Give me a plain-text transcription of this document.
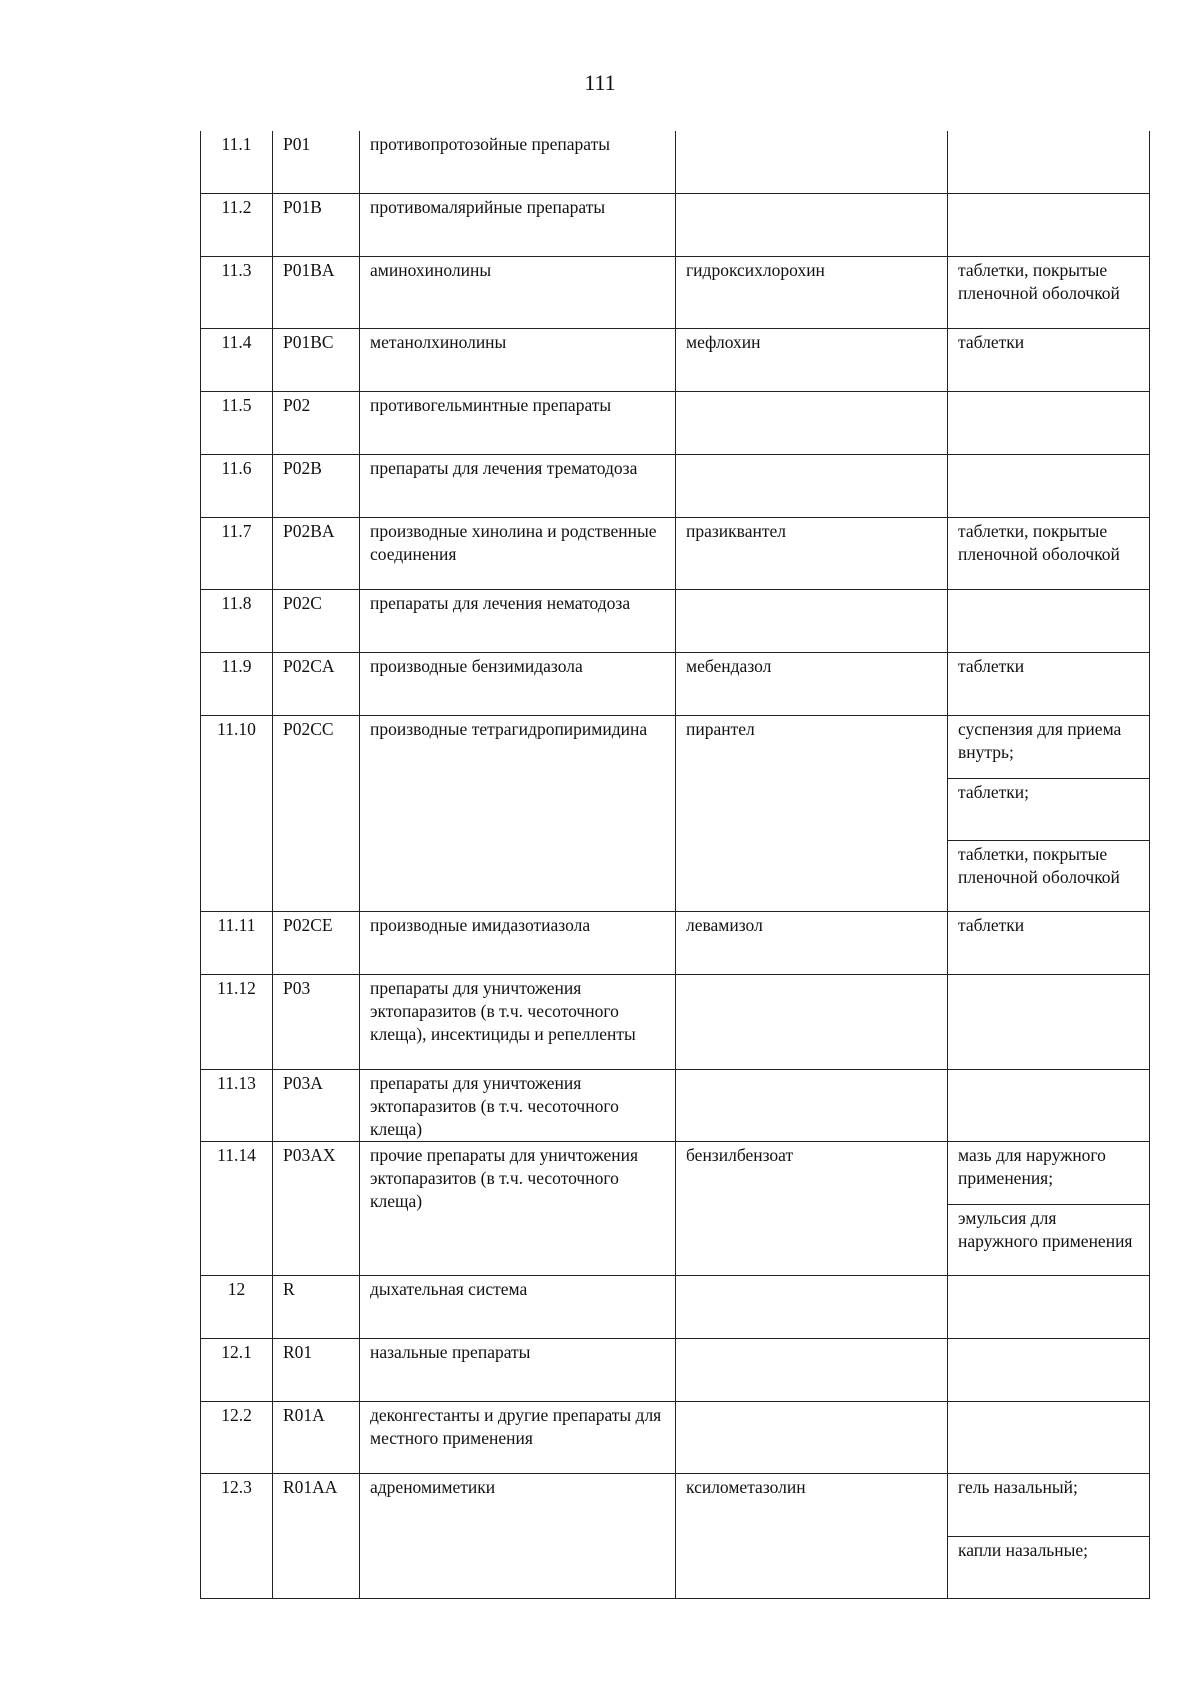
111
11.1	P01	противопротозойные препараты		

11.2	P01B	противомалярийные препараты		

11.3	P01BA	аминохинолины	гидроксихлорохин	таблетки, покрытые пленочной оболочкой

11.4	P01BC	метанолхинолины	мефлохин	таблетки

11.5	P02	противогельминтные препараты		

11.6	P02B	препараты для лечения трематодоза		

11.7	P02BA	производные хинолина и родственные соединения	празиквантел	таблетки, покрытые пленочной оболочкой

11.8	P02C	препараты для лечения нематодоза		

11.9	P02CA	производные бензимидазола	мебендазол	таблетки

11.10	P02CC	производные тетрагидропиримидина	пирантел	суспензия для приема внутрь;
таблетки;
таблетки, покрытые пленочной оболочкой

11.11	P02CE	производные имидазотиазола	левамизол	таблетки

11.12	P03	препараты для уничтожения эктопаразитов (в т.ч. чесоточного клеща), инсектициды и репелленты		

11.13	P03A	препараты для уничтожения эктопаразитов (в т.ч. чесоточного клеща)		

11.14	P03AX	прочие препараты для уничтожения эктопаразитов (в т.ч. чесоточного клеща)	бензилбензоат	мазь для наружного применения;
эмульсия для наружного применения

12	R	дыхательная система		

12.1	R01	назальные препараты		

12.2	R01A	деконгестанты и другие препараты для местного применения		

12.3	R01AA	адреномиметики	ксилометазолин	гель назальный;
капли назальные;
